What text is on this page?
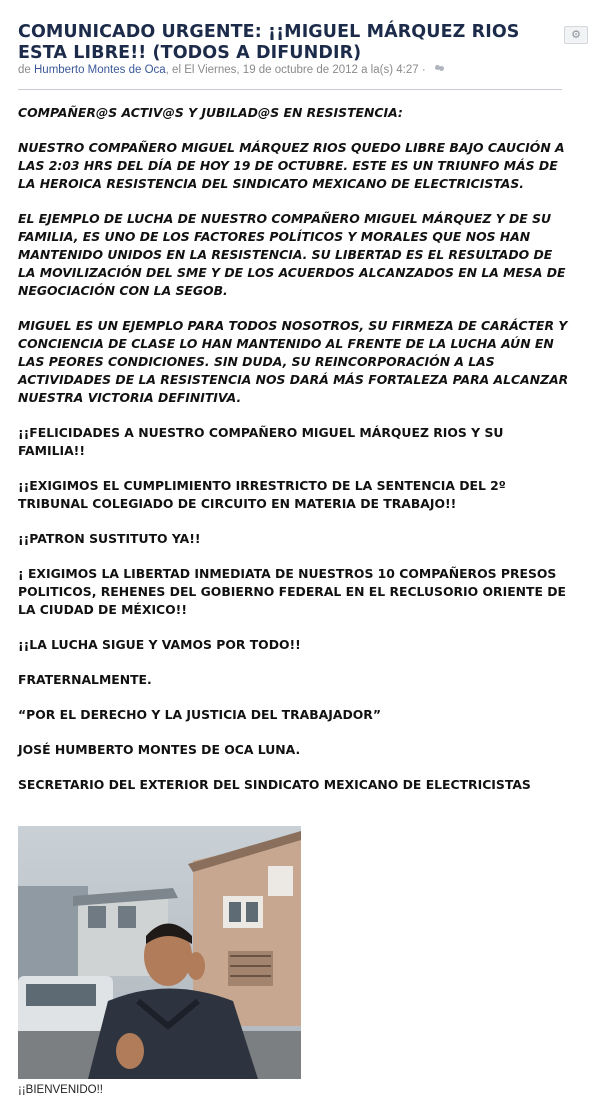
⚙
COMUNICADO URGENTE: ¡¡MIGUEL MÁRQUEZ RIOS ESTA LIBRE!! (TODOS A DIFUNDIR)
de Humberto Montes de Oca, el El Viernes, 19 de octubre de 2012 a la(s) 4:27 ·

COMPAÑER@S ACTIV@S Y JUBILAD@S EN RESISTENCIA:

NUESTRO COMPAÑERO MIGUEL MÁRQUEZ RIOS QUEDO LIBRE BAJO CAUCIÓN A LAS 2:03 HRS DEL DÍA DE HOY 19 DE OCTUBRE. ESTE ES UN TRIUNFO MÁS DE LA HEROICA RESISTENCIA DEL SINDICATO MEXICANO DE ELECTRICISTAS.

EL EJEMPLO DE LUCHA DE NUESTRO COMPAÑERO MIGUEL MÁRQUEZ Y DE SU FAMILIA, ES UNO DE LOS FACTORES POLÍTICOS Y MORALES QUE NOS HAN MANTENIDO UNIDOS EN LA RESISTENCIA. SU LIBERTAD ES EL RESULTADO DE LA MOVILIZACIÓN DEL SME Y DE LOS ACUERDOS ALCANZADOS EN LA MESA DE NEGOCIACIÓN CON LA SEGOB.

MIGUEL ES UN EJEMPLO PARA TODOS NOSOTROS, SU FIRMEZA DE CARÁCTER Y CONCIENCIA DE CLASE LO HAN MANTENIDO AL FRENTE DE LA LUCHA AÚN EN LAS PEORES CONDICIONES. SIN DUDA, SU REINCORPORACIÓN A LAS ACTIVIDADES DE LA RESISTENCIA NOS DARÁ MÁS FORTALEZA PARA ALCANZAR NUESTRA VICTORIA DEFINITIVA.

¡¡FELICIDADES A NUESTRO COMPAÑERO MIGUEL MÁRQUEZ RIOS Y SU FAMILIA!!

¡¡EXIGIMOS EL CUMPLIMIENTO IRRESTRICTO DE LA SENTENCIA DEL 2º TRIBUNAL COLEGIADO DE CIRCUITO EN MATERIA DE TRABAJO!!

¡¡PATRON SUSTITUTO YA!!

¡ EXIGIMOS LA LIBERTAD INMEDIATA DE NUESTROS 10 COMPAÑEROS PRESOS POLITICOS, REHENES DEL GOBIERNO FEDERAL EN EL RECLUSORIO ORIENTE DE LA CIUDAD DE MÉXICO!!

¡¡LA LUCHA SIGUE Y VAMOS POR TODO!!

FRATERNALMENTE.

“POR EL DERECHO Y LA JUSTICIA DEL TRABAJADOR”

JOSÉ HUMBERTO MONTES DE OCA LUNA.

SECRETARIO DEL EXTERIOR DEL SINDICATO MEXICANO DE ELECTRICISTAS

¡¡BIENVENIDO!!
